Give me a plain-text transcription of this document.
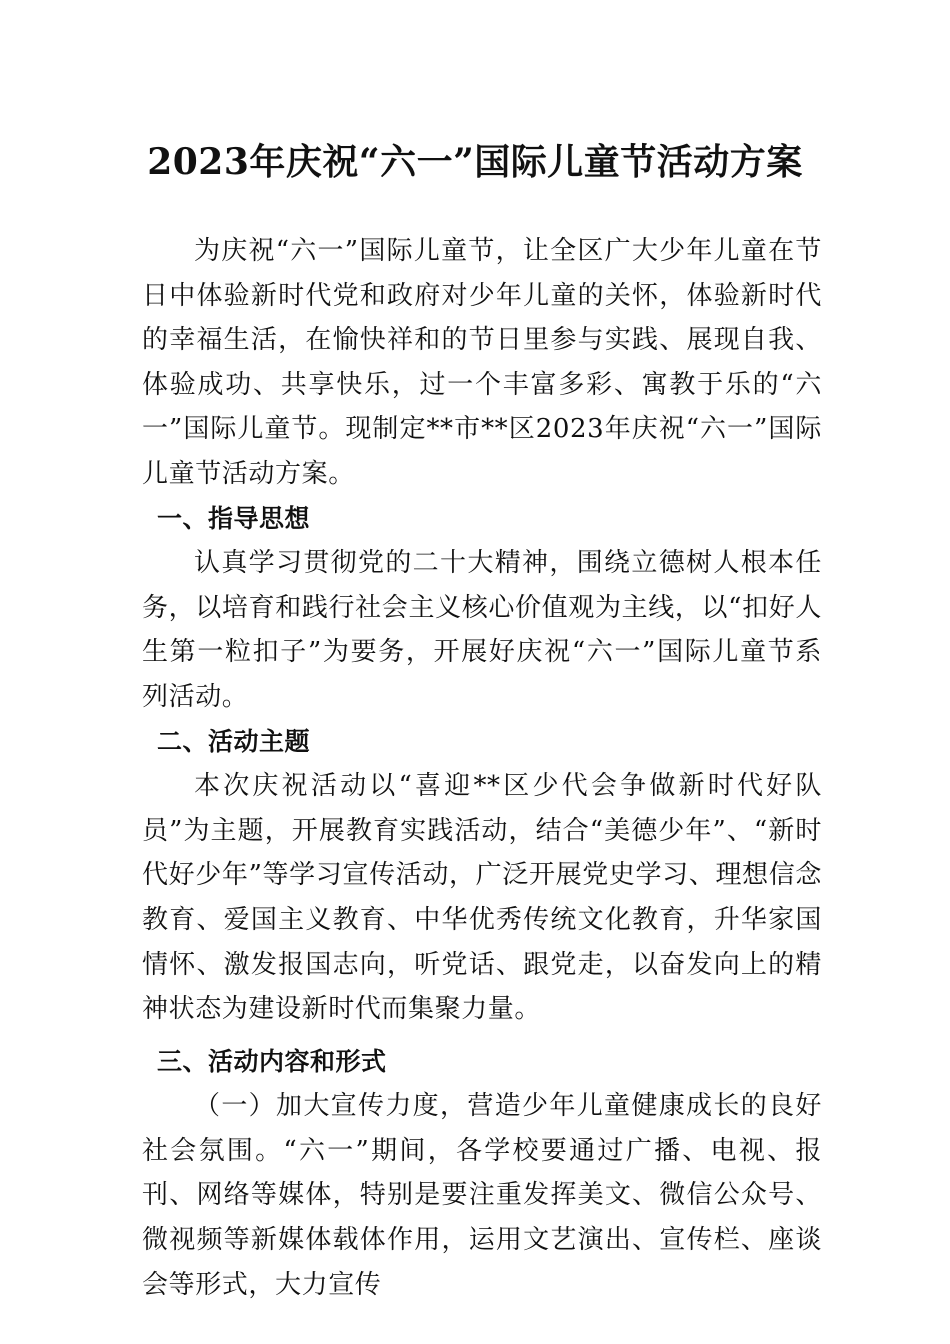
2023年庆祝“六一”国际儿童节活动方案

为庆祝“六一”国际儿童节，让全区广大少年儿童在节日中体验新时代党和政府对少年儿童的关怀，体验新时代的幸福生活，在愉快祥和的节日里参与实践、展现自我、体验成功、共享快乐，过一个丰富多彩、寓教于乐的“六一”国际儿童节。现制定**市**区2023年庆祝“六一”国际儿童节活动方案。

一、指导思想

认真学习贯彻党的二十大精神，围绕立德树人根本任务，以培育和践行社会主义核心价值观为主线，以“扣好人生第一粒扣子”为要务，开展好庆祝“六一”国际儿童节系列活动。

二、活动主题

本次庆祝活动以“喜迎**区少代会争做新时代好队员”为主题，开展教育实践活动，结合“美德少年”、“新时代好少年”等学习宣传活动，广泛开展党史学习、理想信念教育、爱国主义教育、中华优秀传统文化教育，升华家国情怀、激发报国志向，听党话、跟党走，以奋发向上的精神状态为建设新时代而集聚力量。

三、活动内容和形式

（一）加大宣传力度，营造少年儿童健康成长的良好社会氛围。“六一”期间，各学校要通过广播、电视、报刊、网络等媒体，特别是要注重发挥美文、微信公众号、微视频等新媒体载体作用，运用文艺演出、宣传栏、座谈会等形式，大力宣传
